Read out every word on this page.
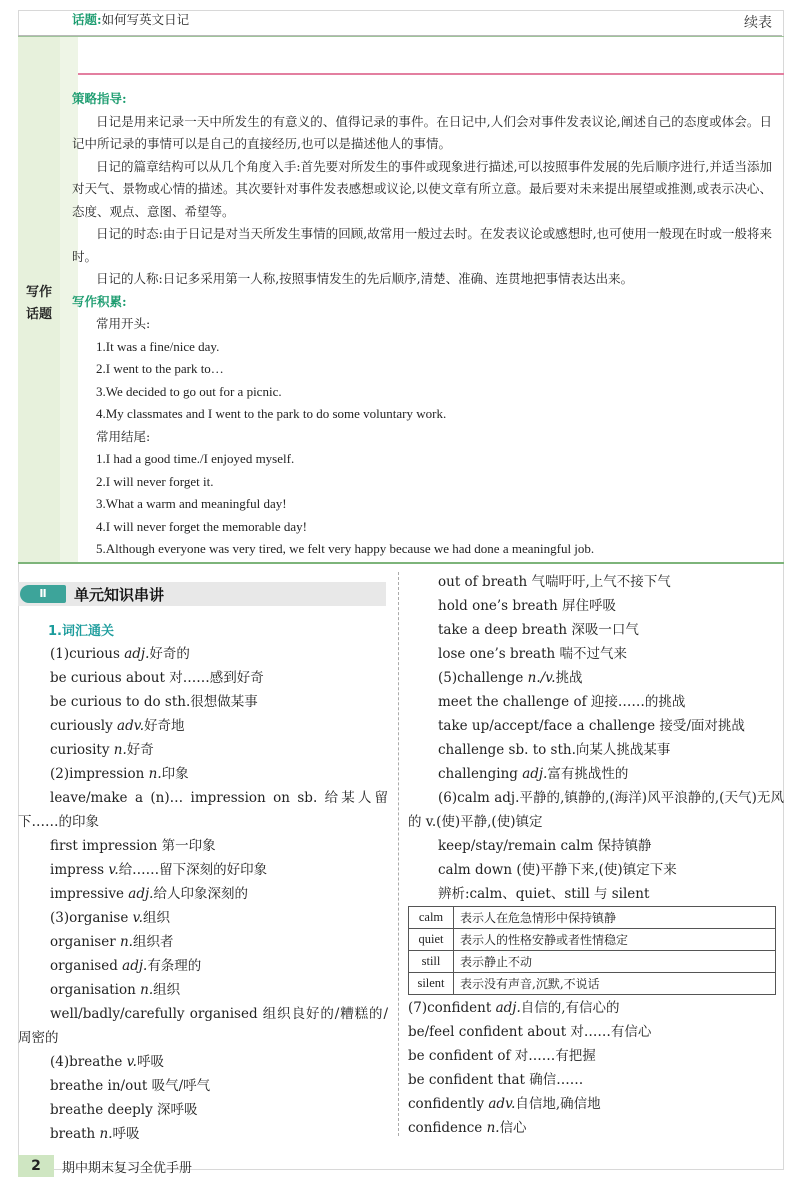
续表
写作
话题
话题:如何写英文日记

策略指导:

日记是用来记录一天中所发生的有意义的、值得记录的事件。在日记中,人们会对事件发表议论,阐述自己的态度或体会。日记中所记录的事情可以是自己的直接经历,也可以是描述他人的事情。

日记的篇章结构可以从几个角度入手:首先要对所发生的事件或现象进行描述,可以按照事件发展的先后顺序进行,并适当添加对天气、景物或心情的描述。其次要针对事件发表感想或议论,以使文章有所立意。最后要对未来提出展望或推测,或表示决心、态度、观点、意图、希望等。

日记的时态:由于日记是对当天所发生事情的回顾,故常用一般过去时。在发表议论或感想时,也可使用一般现在时或一般将来时。

日记的人称:日记多采用第一人称,按照事情发生的先后顺序,清楚、准确、连贯地把事情表达出来。

写作积累:

常用开头:

1.It was a fine/nice day.

2.I went to the park to…

3.We decided to go out for a picnic.

4.My classmates and I went to the park to do some voluntary work.

常用结尾:

1.I had a good time./I enjoyed myself.

2.I will never forget it.

3.What a warm and meaningful day!

4.I will never forget the memorable day!

5.Although everyone was very tired, we felt very happy because we had done a meaningful job.

Ⅱ	单元知识串讲
1.词汇通关

(1)curious adj.好奇的

be curious about 对……感到好奇

be curious to do sth.很想做某事

curiously adv.好奇地

curiosity n.好奇

(2)impression n.印象

leave/make a (n)… impression on sb. 给某人留下……的印象

first impression 第一印象

impress v.给……留下深刻的好印象

impressive adj.给人印象深刻的

(3)organise v.组织

organiser n.组织者

organised adj.有条理的

organisation n.组织

well/badly/carefully organised 组织良好的/糟糕的/周密的

(4)breathe v.呼吸

breathe in/out 吸气/呼气

breathe deeply 深呼吸

breath n.呼吸

out of breath 气喘吁吁,上气不接下气

hold one’s breath 屏住呼吸

take a deep breath 深吸一口气

lose one’s breath 喘不过气来

(5)challenge n./v.挑战

meet the challenge of 迎接……的挑战

take up/accept/face a challenge 接受/面对挑战

challenge sb. to sth.向某人挑战某事

challenging adj.富有挑战性的

(6)calm adj.平静的,镇静的,(海洋)风平浪静的,(天气)无风的 v.(使)平静,(使)镇定

keep/stay/remain calm 保持镇静

calm down (使)平静下来,(使)镇定下来

辨析:calm、quiet、still 与 silent

calm	表示人在危急情形中保持镇静
quiet	表示人的性格安静或者性情稳定
still	表示静止不动
silent	表示没有声音,沉默,不说话

(7)confident adj.自信的,有信心的

be/feel confident about 对……有信心

be confident of 对……有把握

be confident that 确信……

confidently adv.自信地,确信地

confidence n.信心

2	期中期末复习全优手册
